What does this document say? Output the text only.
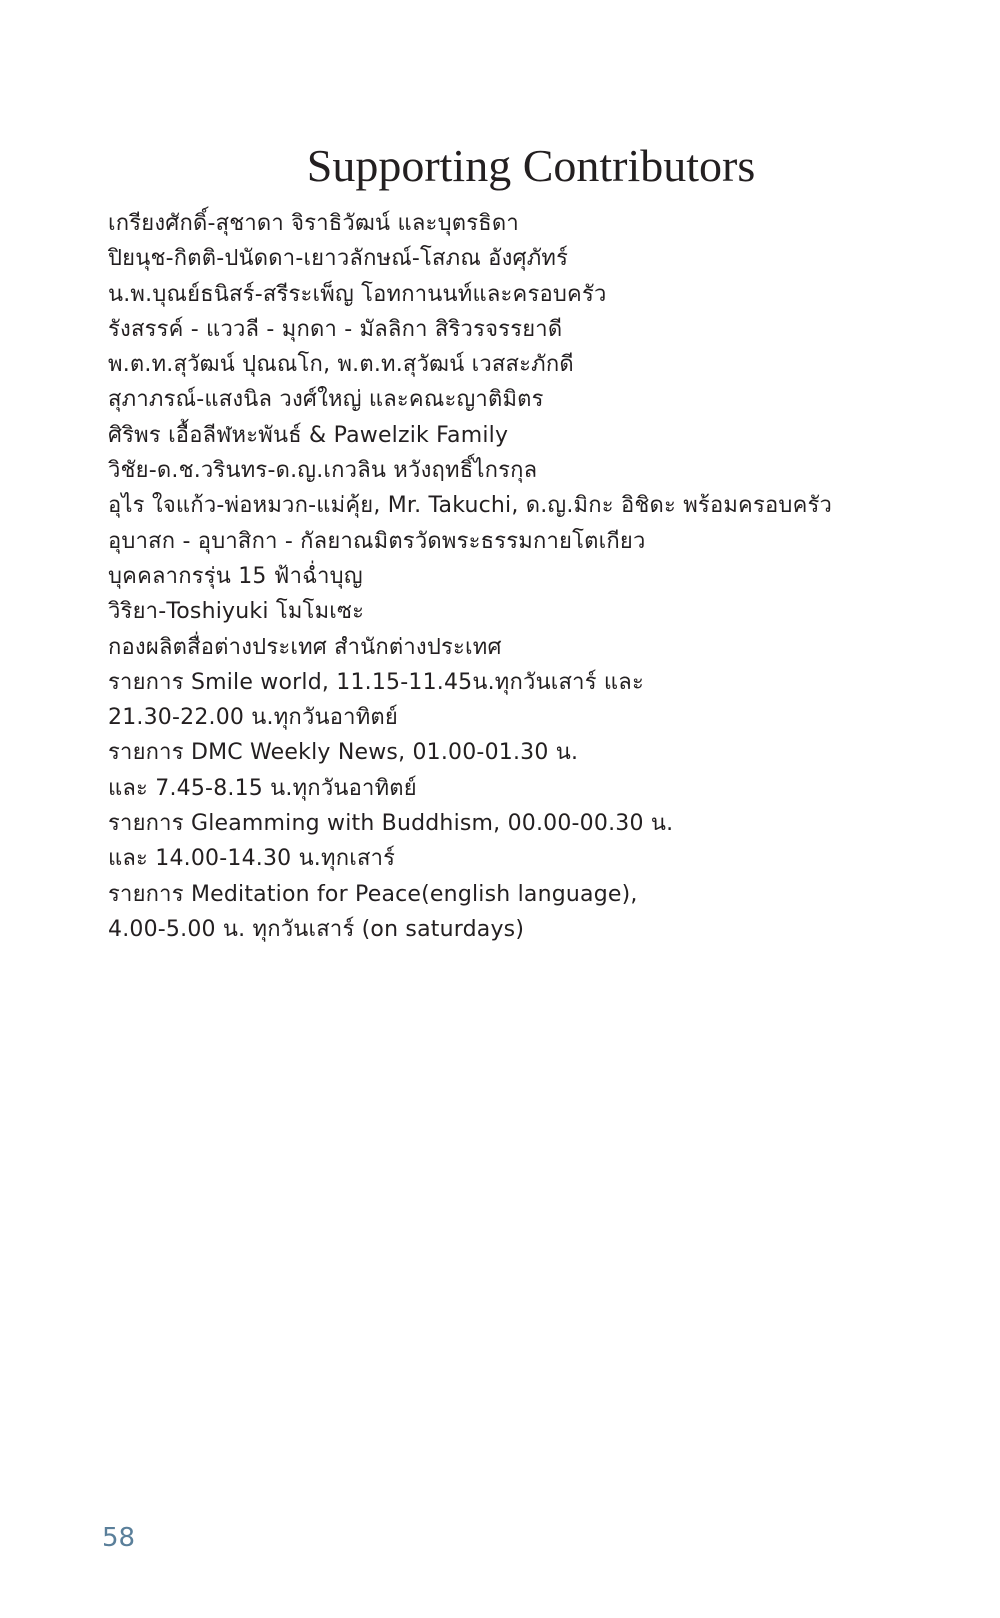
Supporting Contributors
เกรียงศักดิ์-สุชาดา จิราธิวัฒน์ และบุตรธิดา
ปิยนุช-กิตติ-ปนัดดา-เยาวลักษณ์-โสภณ อังศุภัทร์
น.พ.บุณย์ธนิสร์-สรีระเพ็ญ โอทกานนท์และครอบครัว
รังสรรค์ - แววลี - มุกดา - มัลลิกา สิริวรจรรยาดี
พ.ต.ท.สุวัฒน์ ปุณณโก, พ.ต.ท.สุวัฒน์ เวสสะภักดี
สุภาภรณ์-แสงนิล วงศ์ใหญ่ และคณะญาติมิตร
ศิริพร เอื้อลีฬหะพันธ์ & Pawelzik Family
วิชัย-ด.ช.วรินทร-ด.ญ.เกวลิน หวังฤทธิ์ไกรกุล
อุไร ใจแก้ว-พ่อหมวก-แม่คุ้ย, Mr. Takuchi, ด.ญ.มิกะ อิชิดะ พร้อมครอบครัว
อุบาสก - อุบาสิกา - กัลยาณมิตรวัดพระธรรมกายโตเกียว
บุคคลากรรุ่น 15 ฟ้าฉ่ำบุญ
วิริยา-Toshiyuki โมโมเซะ
กองผลิตสื่อต่างประเทศ สำนักต่างประเทศ
รายการ Smile world, 11.15-11.45น.ทุกวันเสาร์ และ
21.30-22.00 น.ทุกวันอาทิตย์
รายการ DMC Weekly News, 01.00-01.30 น.
และ 7.45-8.15 น.ทุกวันอาทิตย์
รายการ Gleamming with Buddhism, 00.00-00.30 น.
และ 14.00-14.30 น.ทุกเสาร์
รายการ Meditation for Peace(english language),
4.00-5.00 น. ทุกวันเสาร์ (on saturdays)
58
